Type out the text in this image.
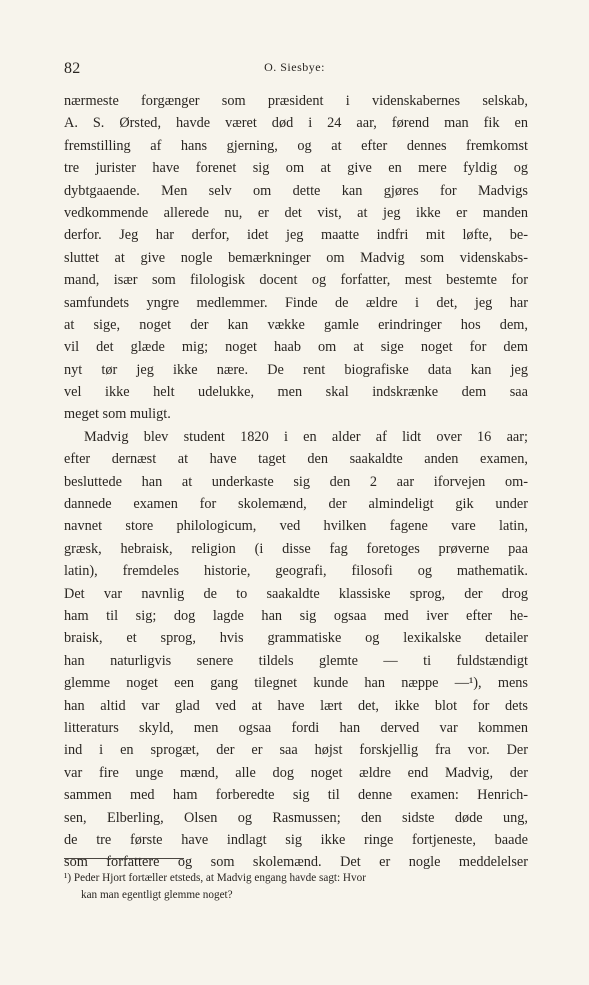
82	O. Siesbye:
nærmeste forgænger som præsident i videnskabernes selskab,
A. S. Ørsted, havde været død i 24 aar, førend man fik en
fremstilling af hans gjerning, og at efter dennes fremkomst
tre jurister have forenet sig om at give en mere fyldig og
dybtgaaende. Men selv om dette kan gjøres for Madvigs
vedkommende allerede nu, er det vist, at jeg ikke er manden
derfor. Jeg har derfor, idet jeg maatte indfri mit løfte, be-
sluttet at give nogle bemærkninger om Madvig som videnskabs-
mand, især som filologisk docent og forfatter, mest bestemte for
samfundets yngre medlemmer. Finde de ældre i det, jeg har
at sige, noget der kan vække gamle erindringer hos dem,
vil det glæde mig; noget haab om at sige noget for dem
nyt tør jeg ikke nære. De rent biografiske data kan jeg
vel ikke helt udelukke, men skal indskrænke dem saa
meget som muligt.
Madvig blev student 1820 i en alder af lidt over 16 aar;
efter dernæst at have taget den saakaldte anden examen,
besluttede han at underkaste sig den 2 aar iforvejen om-
dannede examen for skolemænd, der almindeligt gik under
navnet store philologicum, ved hvilken fagene vare latin,
græsk, hebraisk, religion (i disse fag foretoges prøverne paa
latin), fremdeles historie, geografi, filosofi og mathematik.
Det var navnlig de to saakaldte klassiske sprog, der drog
ham til sig; dog lagde han sig ogsaa med iver efter he-
braisk, et sprog, hvis grammatiske og lexikalske detailer
han naturligvis senere tildels glemte — ti fuldstændigt
glemme noget een gang tilegnet kunde han næppe —¹), mens
han altid var glad ved at have lært det, ikke blot for dets
litteraturs skyld, men ogsaa fordi han derved var kommen
ind i en sprogæt, der er saa højst forskjellig fra vor. Der
var fire unge mænd, alle dog noget ældre end Madvig, der
sammen med ham forberedte sig til denne examen: Henrich-
sen, Elberling, Olsen og Rasmussen; den sidste døde ung,
de tre første have indlagt sig ikke ringe fortjeneste, baade
som forfattere og som skolemænd. Det er nogle meddelelser
¹) Peder Hjort fortæller etsteds, at Madvig engang havde sagt: Hvor
kan man egentligt glemme noget?
